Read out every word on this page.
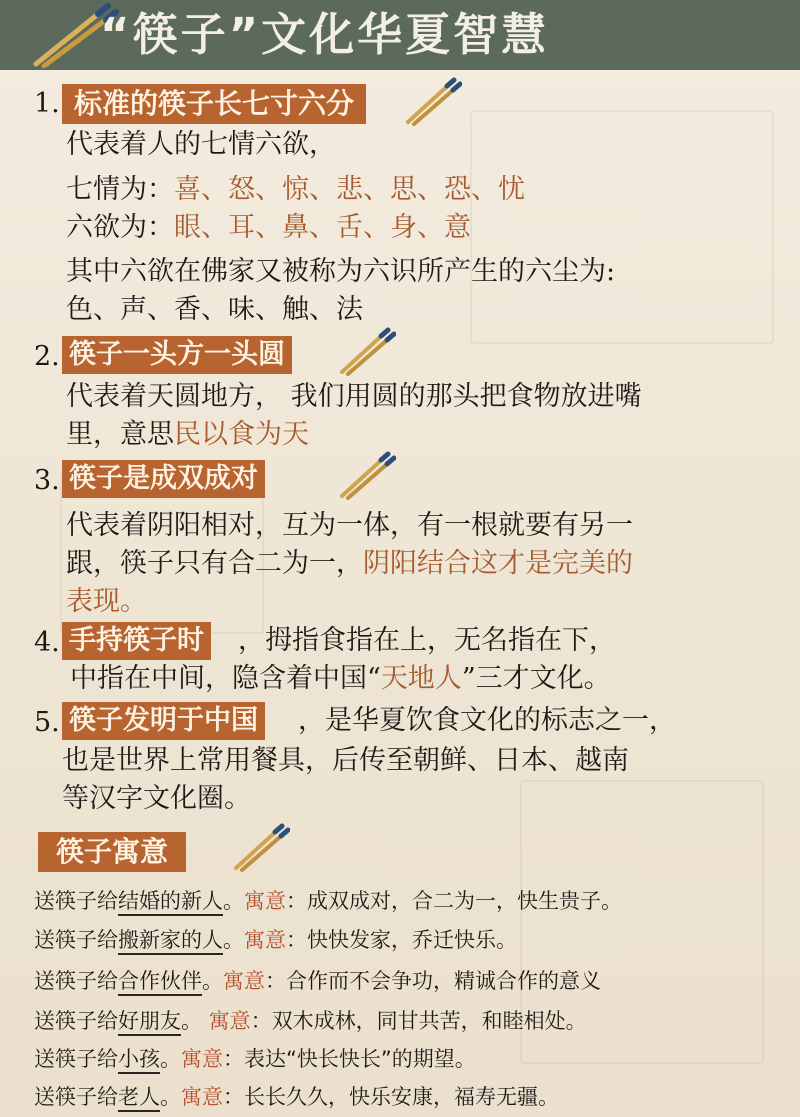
“筷子”文化华夏智慧
1. 标准的筷子长七寸六分
代表着人的七情六欲，
七情为：喜、怒、惊、悲、思、恐、忧
六欲为：眼、耳、鼻、舌、身、意
其中六欲在佛家又被称为六识所产生的六尘为:
色、声、香、味、触、法
2. 筷子一头方一头圆
代表着天圆地方， 我们用圆的那头把食物放进嘴
里，意思民以食为天
3. 筷子是成双成对
代表着阴阳相对，互为一体，有一根就要有另一
跟，筷子只有合二为一，阴阳结合这才是完美的
表现。
4. 手持筷子时 ，拇指食指在上，无名指在下，
中指在中间，隐含着中国“天地人”三才文化。
5. 筷子发明于中国 ，是华夏饮食文化的标志之一，
也是世界上常用餐具，后传至朝鲜、日本、越南
等汉字文化圈。
筷子寓意
送筷子给结婚的新人。寓意：成双成对，合二为一，快生贵子。
送筷子给搬新家的人。寓意：快快发家，乔迁快乐。
送筷子给合作伙伴。寓意：合作而不会争功，精诚合作的意义
送筷子给好朋友。 寓意：双木成林，同甘共苦，和睦相处。
送筷子给小孩。寓意：表达“快长快长”的期望。
送筷子给老人。寓意：长长久久，快乐安康，福寿无疆。
